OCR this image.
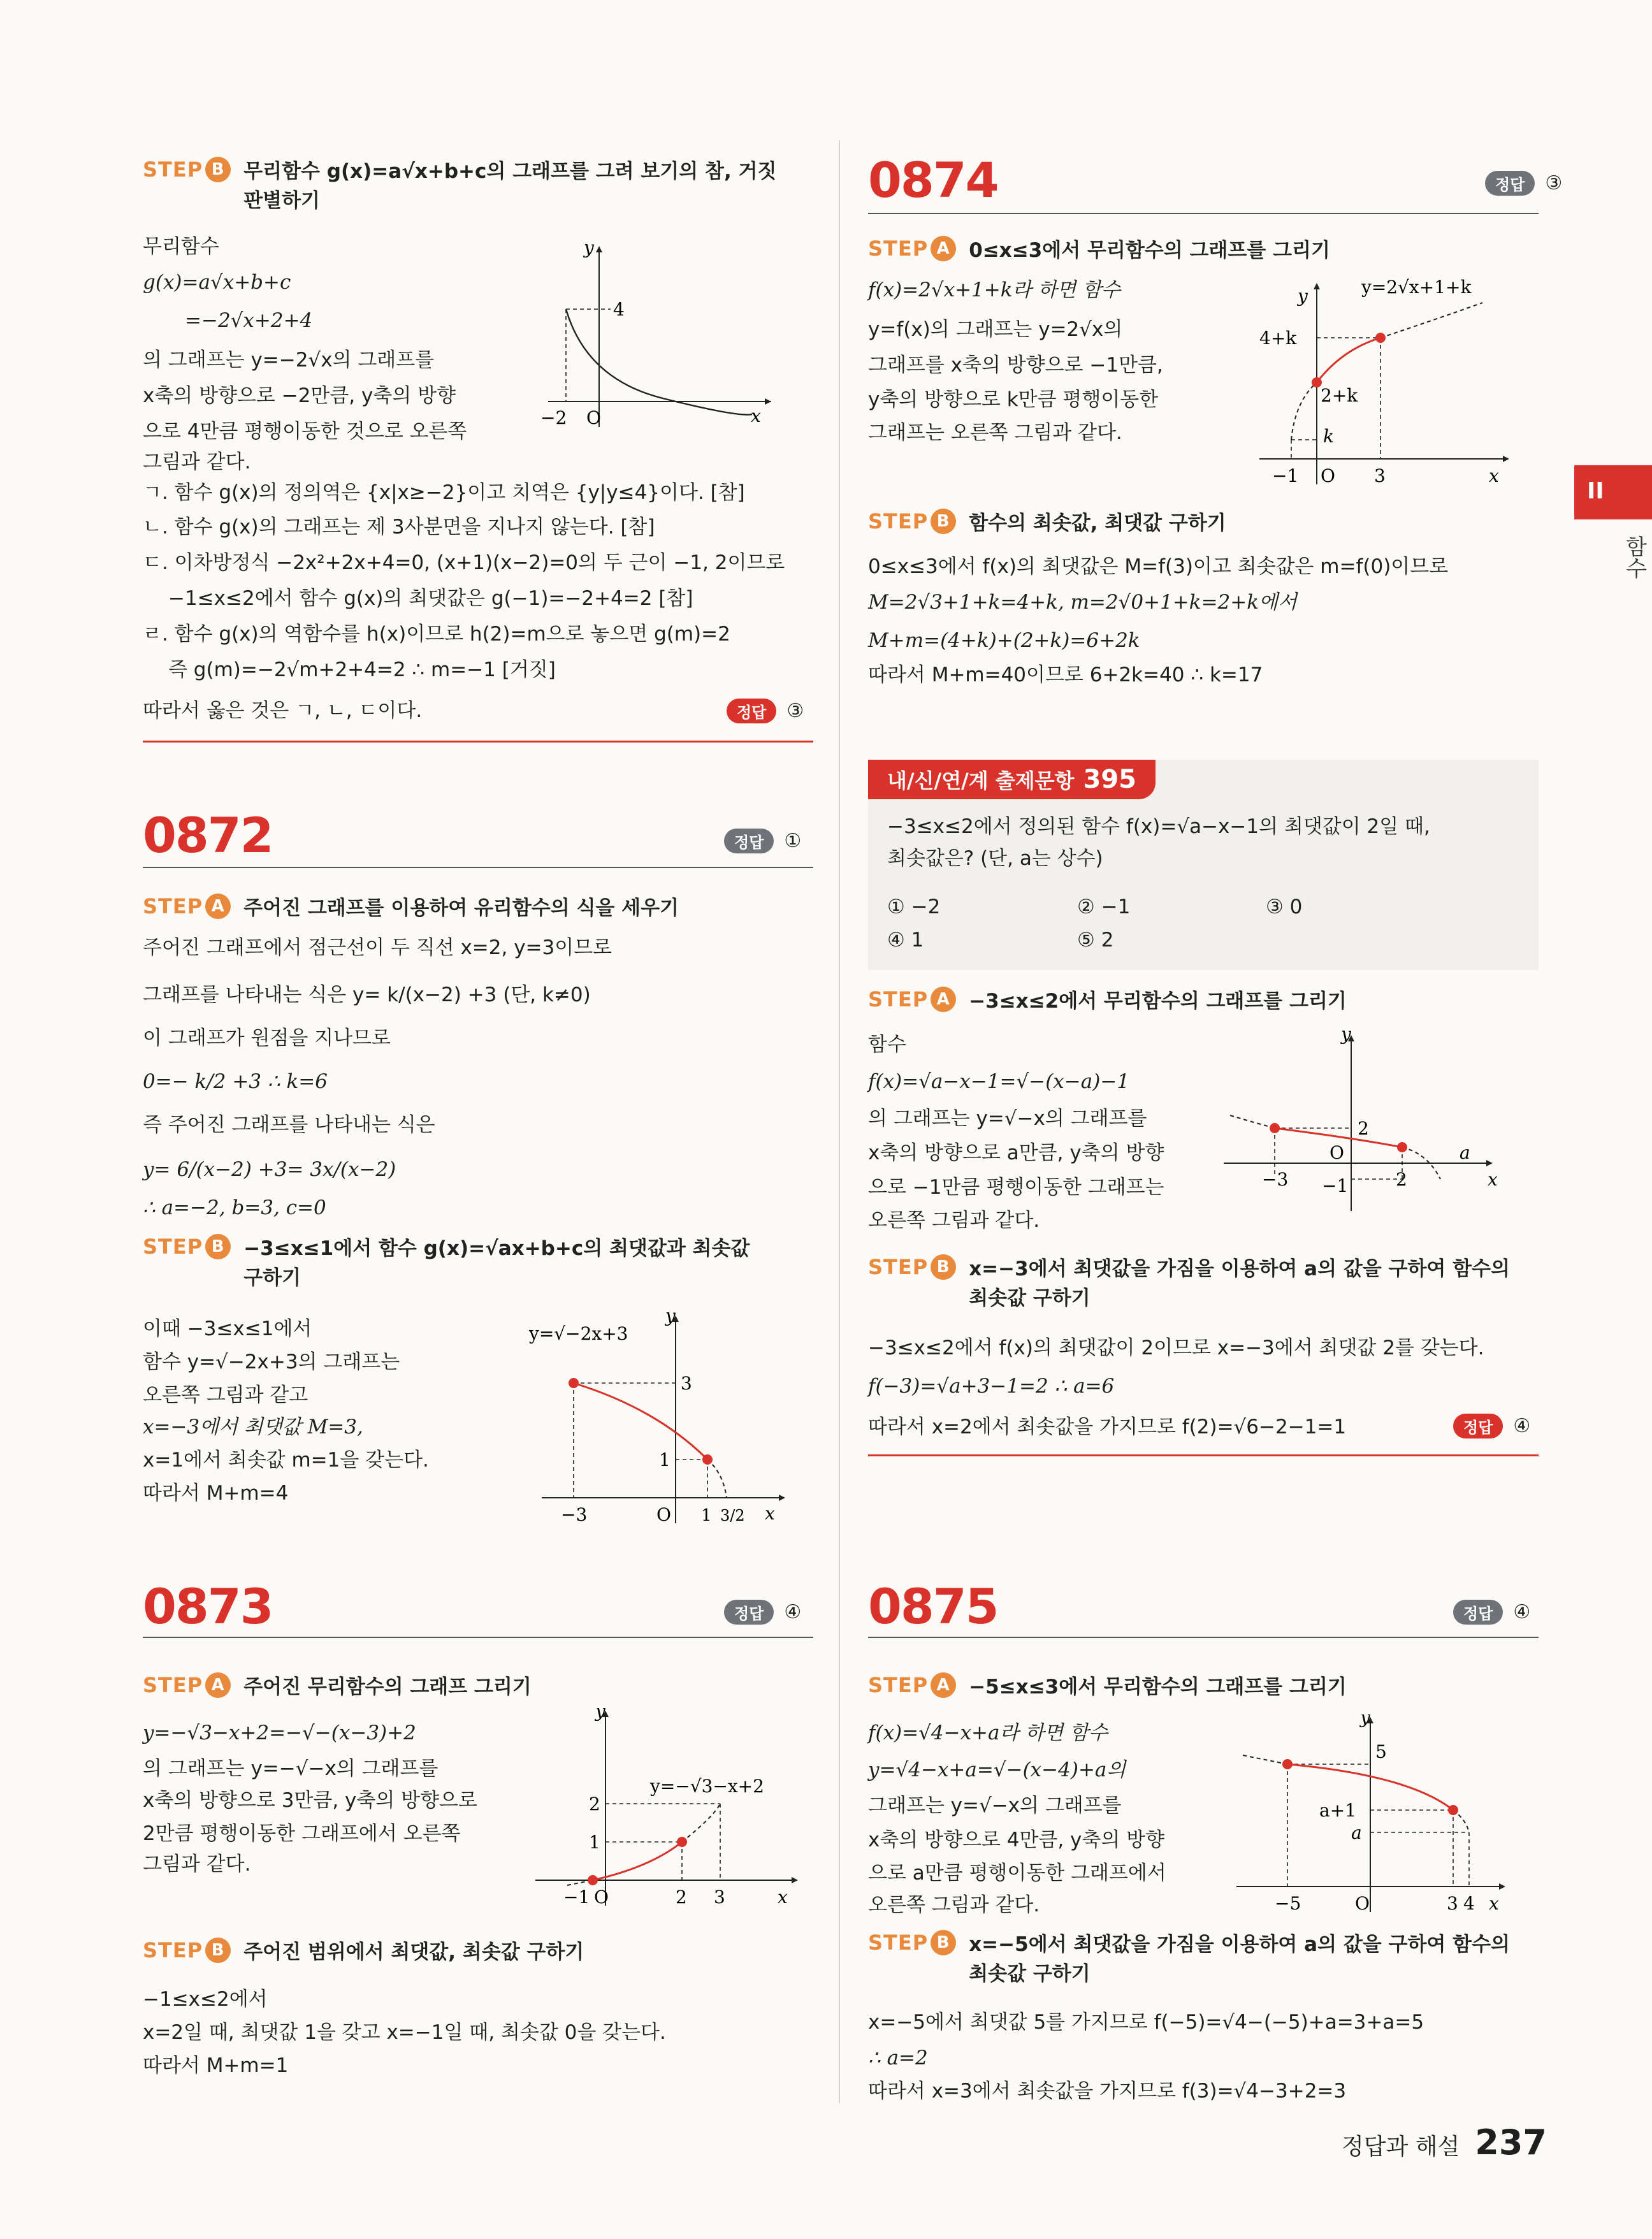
STEP B 무리함수 g(x)=a√x+b+c의 그래프를 그려 보기의 참, 거짓
판별하기
무리함수
g(x)=a√x+b+c
=−2√x+2+4
의 그래프는 y=−2√x의 그래프를
x축의 방향으로 −2만큼, y축의 방향
으로 4만큼 평행이동한 것으로 오른쪽
그림과 같다.
ㄱ. 함수 g(x)의 정의역은 {x|x≥−2}이고 치역은 {y|y≤4}이다. [참]
ㄴ. 함수 g(x)의 그래프는 제 3사분면을 지나지 않는다. [참]
ㄷ. 이차방정식 −2x²+2x+4=0, (x+1)(x−2)=0의 두 근이 −1, 2이므로
−1≤x≤2에서 함수 g(x)의 최댓값은 g(−1)=−2+4=2 [참]
ㄹ. 함수 g(x)의 역함수를 h(x)이므로 h(2)=m으로 놓으면 g(m)=2
즉 g(m)=−2√m+2+4=2 ∴ m=−1 [거짓]
따라서 옳은 것은 ㄱ, ㄴ, ㄷ이다.	정답	③
y
x
4
−2 O
0872	정답	①
STEP A 주어진 그래프를 이용하여 유리함수의 식을 세우기
주어진 그래프에서 점근선이 두 직선 x=2, y=3이므로
그래프를 나타내는 식은 y= k/(x−2) +3 (단, k≠0)
이 그래프가 원점을 지나므로
0=− k/2 +3 ∴ k=6
즉 주어진 그래프를 나타내는 식은
y= 6/(x−2) +3= 3x/(x−2)
∴ a=−2, b=3, c=0
STEP B −3≤x≤1에서 함수 g(x)=√ax+b+c의 최댓값과 최솟값
구하기
이때 −3≤x≤1에서
함수 y=√−2x+3의 그래프는
오른쪽 그림과 같고
x=−3에서 최댓값 M=3,
x=1에서 최솟값 m=1을 갖는다.
따라서 M+m=4
y=√−2x+3
y
x
3
1
−3	O 1 3/2
0873	정답	④
STEP A 주어진 무리함수의 그래프 그리기
y=−√3−x+2=−√−(x−3)+2
의 그래프는 y=−√−x의 그래프를
x축의 방향으로 3만큼, y축의 방향으로
2만큼 평행이동한 그래프에서 오른쪽
그림과 같다.
y=−√3−x+2
y
x
2
1
−1 O	2 3
STEP B 주어진 범위에서 최댓값, 최솟값 구하기
−1≤x≤2에서
x=2일 때, 최댓값 1을 갖고 x=−1일 때, 최솟값 0을 갖는다.
따라서 M+m=1
0874	정답	③
STEP A 0≤x≤3에서 무리함수의 그래프를 그리기
f(x)=2√x+1+k라 하면 함수
y=f(x)의 그래프는 y=2√x의
그래프를 x축의 방향으로 −1만큼,
y축의 방향으로 k만큼 평행이동한
그래프는 오른쪽 그림과 같다.
y=2√x+1+k
y
x
4+k
2+k
k
−1 O 3
STEP B 함수의 최솟값, 최댓값 구하기
0≤x≤3에서 f(x)의 최댓값은 M=f(3)이고 최솟값은 m=f(0)이므로
M=2√3+1+k=4+k, m=2√0+1+k=2+k에서
M+m=(4+k)+(2+k)=6+2k
따라서 M+m=40이므로 6+2k=40 ∴ k=17
내/신/연/계 출제문항 395
−3≤x≤2에서 정의된 함수 f(x)=√a−x−1의 최댓값이 2일 때,
최솟값은? (단, a는 상수)
① −2	② −1	③ 0
④ 1	⑤ 2
STEP A −3≤x≤2에서 무리함수의 그래프를 그리기
함수
f(x)=√a−x−1=√−(x−a)−1
의 그래프는 y=√−x의 그래프를
x축의 방향으로 a만큼, y축의 방향
으로 −1만큼 평행이동한 그래프는
오른쪽 그림과 같다.
y
x
2
O
−1
−3	2
a
STEP B x=−3에서 최댓값을 가짐을 이용하여 a의 값을 구하여 함수의
최솟값 구하기
−3≤x≤2에서 f(x)의 최댓값이 2이므로 x=−3에서 최댓값 2를 갖는다.
f(−3)=√a+3−1=2 ∴ a=6
따라서 x=2에서 최솟값을 가지므로 f(2)=√6−2−1=1	정답	④
0875	정답	④
STEP A −5≤x≤3에서 무리함수의 그래프를 그리기
f(x)=√4−x+a라 하면 함수
y=√4−x+a=√−(x−4)+a의
그래프는 y=√−x의 그래프를
x축의 방향으로 4만큼, y축의 방향
으로 a만큼 평행이동한 그래프에서
오른쪽 그림과 같다.
y
x
5
a+1
a
−5	O	3 4
STEP B x=−5에서 최댓값을 가짐을 이용하여 a의 값을 구하여 함수의
최솟값 구하기
x=−5에서 최댓값 5를 가지므로 f(−5)=√4−(−5)+a=3+a=5
∴ a=2
따라서 x=3에서 최솟값을 가지므로 f(3)=√4−3+2=3
II
함수
정답과 해설 237
